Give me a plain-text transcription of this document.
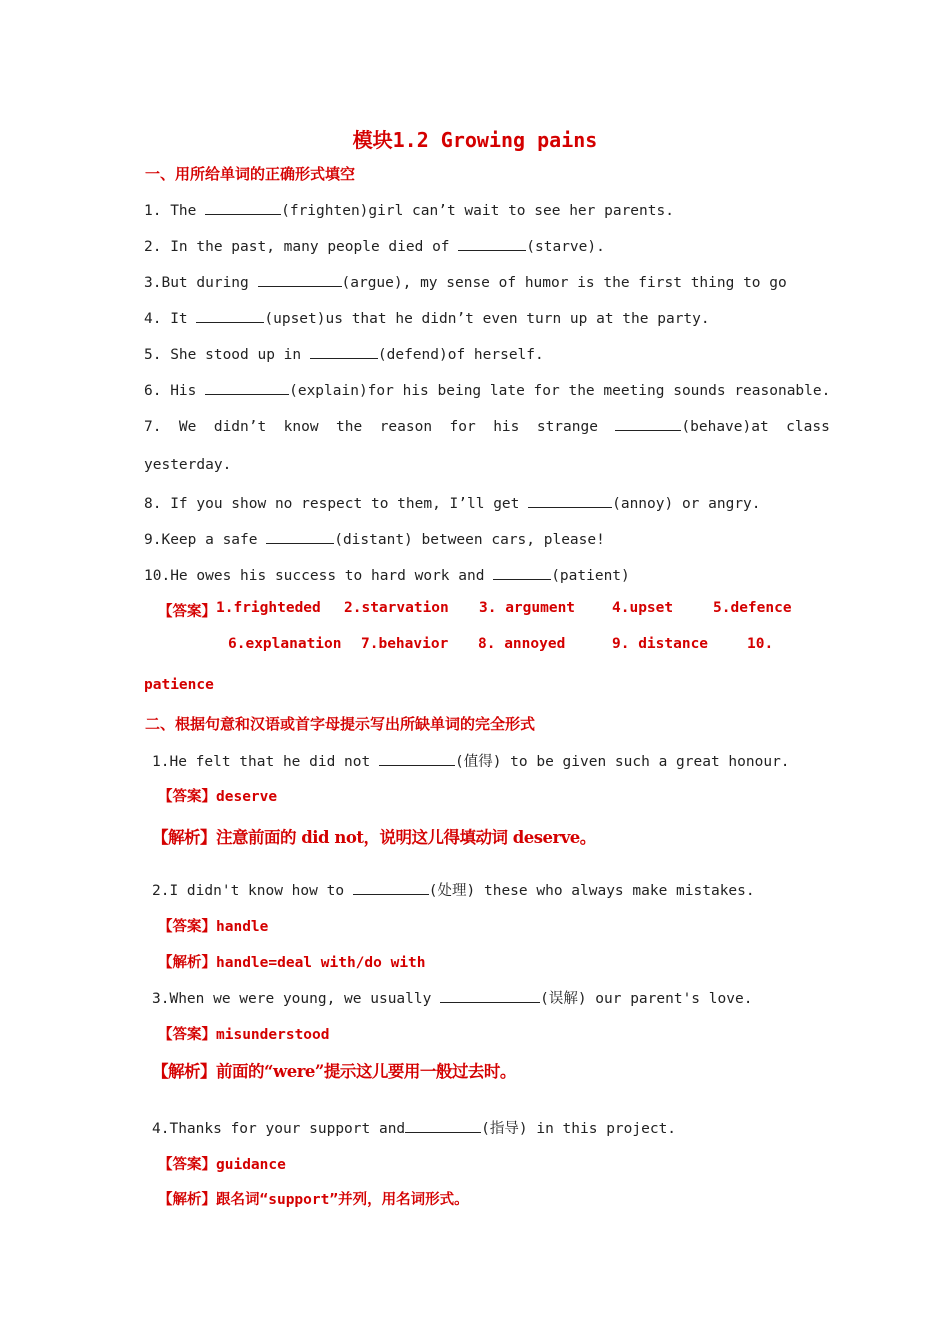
模块1.2 Growing pains
一、用所给单词的正确形式填空
1. The	(frighten)girl can’t wait to see her parents.
2. In the past, many people died of	(starve).
3.But during	(argue), my sense of humor is the first thing to go
4. It	(upset)us that he didn’t even turn up at the party.
5. She stood up in	(defend)of herself.
6. His	(explain)for his being late for the meeting sounds reasonable.
7.  We  didn’t  know  the  reason  for  his  strange	(behave)at  class
yesterday.
8. If you show no respect to them, I’ll get	(annoy) or angry.
9.Keep a safe	(distant) between cars, please!
10.He owes his success to hard work and	(patient)
【答案】 1.frighteded 2.starvation 3. argument	4.upset	5.defence
6.explanation 7.behavior 8. annoyed	9. distance	10.
patience
二、根据句意和汉语或首字母提示写出所缺单词的完全形式
1.He felt that he did not	(值得) to be given such a great honour.
【答案】deserve
【解析】注意前面的 did not，说明这儿得填动词 deserve。
2.I didn't know how to	(处理) these who always make mistakes.
【答案】handle
【解析】handle=deal with/do with
3.When we were young, we usually	(误解) our parent's love.
【答案】misunderstood
【解析】前面的“were”提示这儿要用一般过去时。
4.Thanks for your support and	(指导) in this project.
【答案】guidance
【解析】跟名词“support”并列，用名词形式。
